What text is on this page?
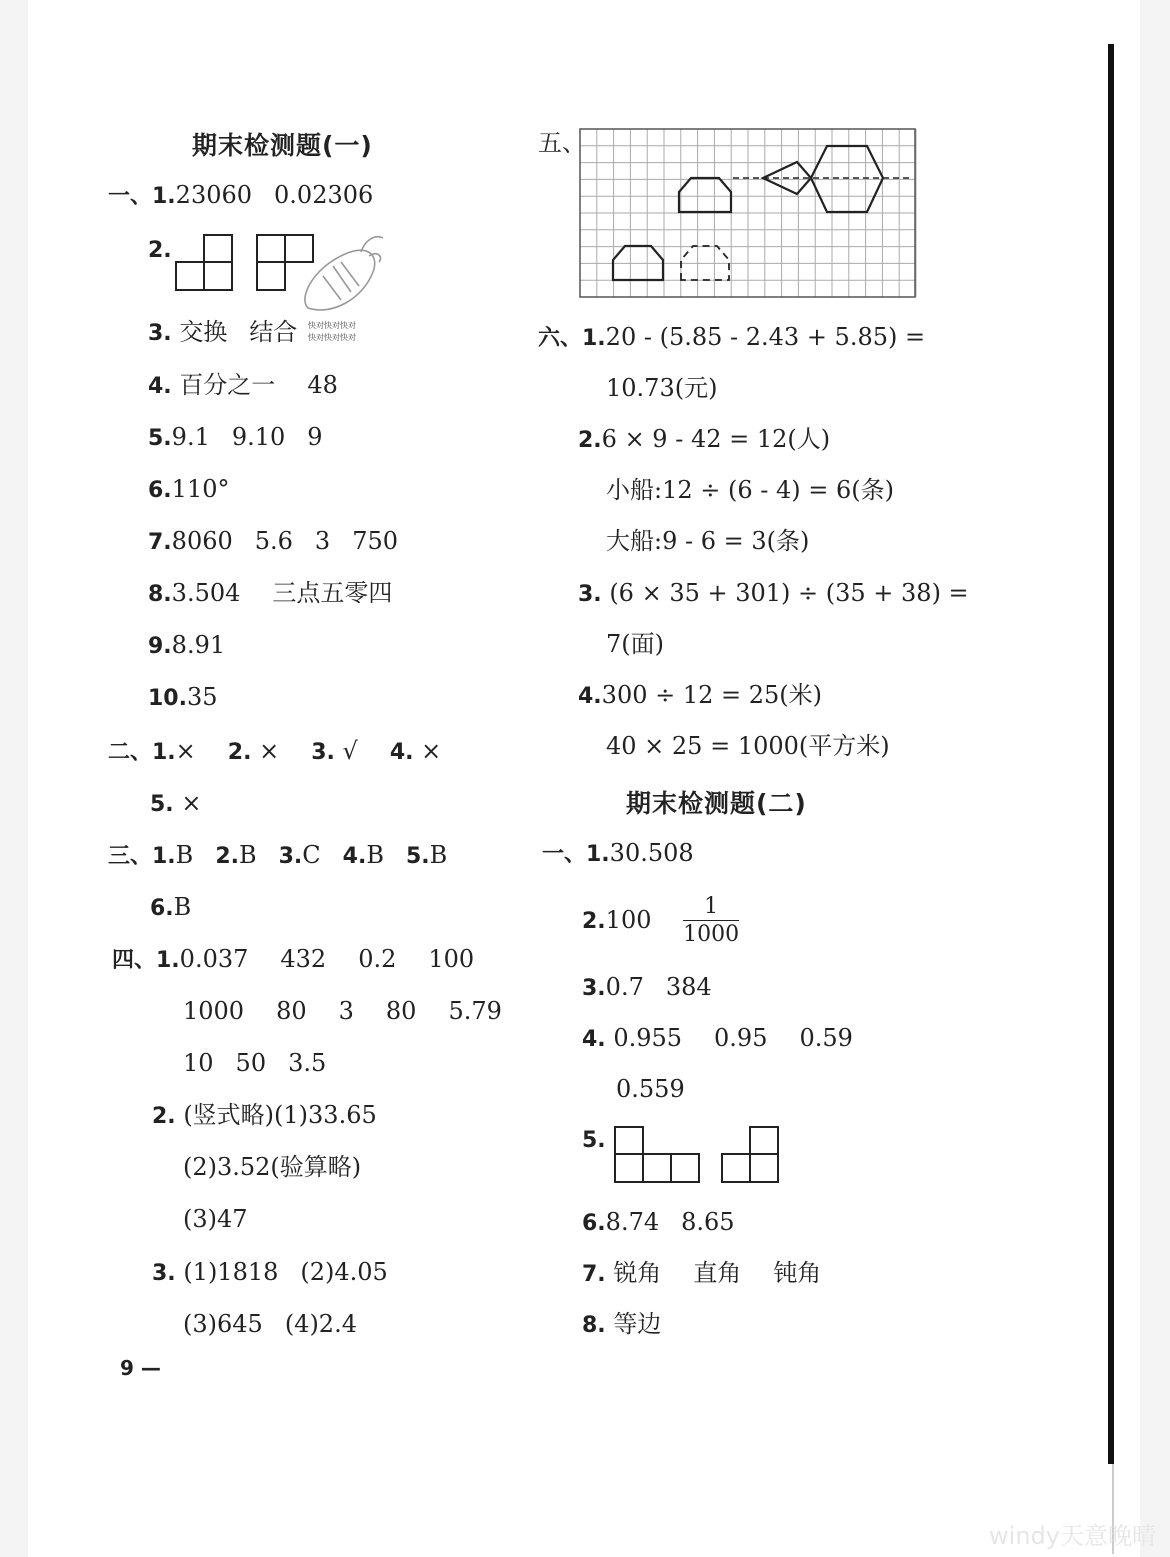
期末检测题(一)
一、1.23060 0.02306
2.
3. 交换 结合 快对快对快对
快对快对快对
4. 百分之一 48
5.9.1 9.10 9
6.110°
7.8060 5.6 3 750
8.3.504 三点五零四
9.8.91
10.35
二、1.× 2. × 3. √ 4. ×
5. ×
三、1.B 2.B 3.C 4.B 5.B
6.B
四、1.0.037 432 0.2 100
1000 80 3 80 5.79
10 50 3.5
2. (竖式略)(1)33.65
(2)3.52(验算略)
(3)47
3. (1)1818 (2)4.05
(3)645 (4)2.4
五、
六、1.20 - (5.85 - 2.43 + 5.85) =
10.73(元)
2.6 × 9 - 42 = 12(人)
小船:12 ÷ (6 - 4) = 6(条)
大船:9 - 6 = 3(条)
3. (6 × 35 + 301) ÷ (35 + 38) =
7(面)
4.300 ÷ 12 = 25(米)
40 × 25 = 1000(平方米)
期末检测题(二)
一、1.30.508
$2.100 \frac{1}{1000}$
3.0.7 384
4. 0.955 0.95 0.59
0.559
5.
6.8.74 8.65
7. 锐角 直角 钝角
8. 等边
9 —
windy天意晚晴
